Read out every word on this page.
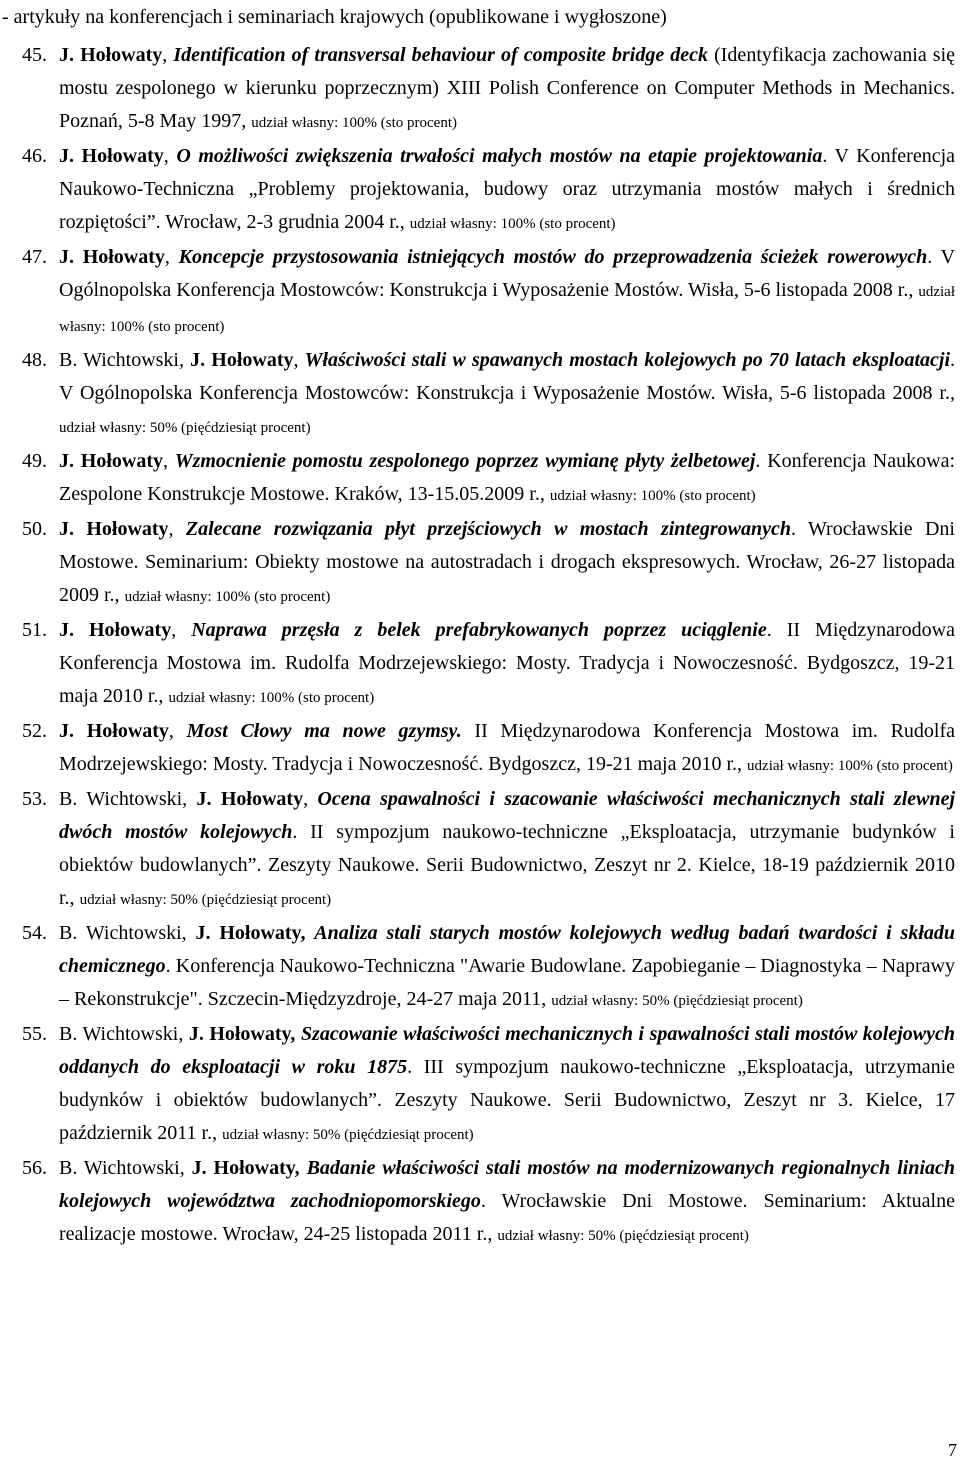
- artykuły na konferencjach i seminariach krajowych (opublikowane i wygłoszone)
45. J. Hołowaty, Identification of transversal behaviour of composite bridge deck (Identyfikacja zachowania się mostu zespolonego w kierunku poprzecznym) XIII Polish Conference on Computer Methods in Mechanics. Poznań, 5-8 May 1997, udział własny: 100% (sto procent)
46. J. Hołowaty, O możliwości zwiększenia trwałości małych mostów na etapie projektowania. V Konferencja Naukowo-Techniczna „Problemy projektowania, budowy oraz utrzymania mostów małych i średnich rozpiętości”. Wrocław, 2-3 grudnia 2004 r., udział własny: 100% (sto procent)
47. J. Hołowaty, Koncepcje przystosowania istniejących mostów do przeprowadzenia ścieżek rowerowych. V Ogólnopolska Konferencja Mostowców: Konstrukcja i Wyposażenie Mostów. Wisła, 5-6 listopada 2008 r., udział własny: 100% (sto procent)
48. B. Wichtowski, J. Hołowaty, Właściwości stali w spawanych mostach kolejowych po 70 latach eksploatacji. V Ogólnopolska Konferencja Mostowców: Konstrukcja i Wyposażenie Mostów. Wisła, 5-6 listopada 2008 r., udział własny: 50% (pięćdziesiąt procent)
49. J. Hołowaty, Wzmocnienie pomostu zespolonego poprzez wymianę płyty żelbetowej. Konferencja Naukowa: Zespolone Konstrukcje Mostowe. Kraków, 13-15.05.2009 r., udział własny: 100% (sto procent)
50. J. Hołowaty, Zalecane rozwiązania płyt przejściowych w mostach zintegrowanych. Wrocławskie Dni Mostowe. Seminarium: Obiekty mostowe na autostradach i drogach ekspresowych. Wrocław, 26-27 listopada 2009 r., udział własny: 100% (sto procent)
51. J. Hołowaty, Naprawa przęsła z belek prefabrykowanych poprzez uciąglenie. II Międzynarodowa Konferencja Mostowa im. Rudolfa Modrzejewskiego: Mosty. Tradycja i Nowoczesność. Bydgoszcz, 19-21 maja 2010 r., udział własny: 100% (sto procent)
52. J. Hołowaty, Most Cłowy ma nowe gzymsy. II Międzynarodowa Konferencja Mostowa im. Rudolfa Modrzejewskiego: Mosty. Tradycja i Nowoczesność. Bydgoszcz, 19-21 maja 2010 r., udział własny: 100% (sto procent)
53. B. Wichtowski, J. Hołowaty, Ocena spawalności i szacowanie właściwości mechanicznych stali zlewnej dwóch mostów kolejowych. II sympozjum naukowo-techniczne „Eksploatacja, utrzymanie budynków i obiektów budowlanych”. Zeszyty Naukowe. Serii Budownictwo, Zeszyt nr 2. Kielce, 18-19 październik 2010 r., udział własny: 50% (pięćdziesiąt procent)
54. B. Wichtowski, J. Hołowaty, Analiza stali starych mostów kolejowych według badań twardości i składu chemicznego. Konferencja Naukowo-Techniczna "Awarie Budowlane. Zapobieganie – Diagnostyka – Naprawy – Rekonstrukcje". Szczecin-Międzyzdroje, 24-27 maja 2011, udział własny: 50% (pięćdziesiąt procent)
55. B. Wichtowski, J. Hołowaty, Szacowanie właściwości mechanicznych i spawalności stali mostów kolejowych oddanych do eksploatacji w roku 1875. III sympozjum naukowo-techniczne „Eksploatacja, utrzymanie budynków i obiektów budowlanych”. Zeszyty Naukowe. Serii Budownictwo, Zeszyt nr 3. Kielce, 17 październik 2011 r., udział własny: 50% (pięćdziesiąt procent)
56. B. Wichtowski, J. Hołowaty, Badanie właściwości stali mostów na modernizowanych regionalnych liniach kolejowych województwa zachodniopomorskiego. Wrocławskie Dni Mostowe. Seminarium: Aktualne realizacje mostowe. Wrocław, 24-25 listopada 2011 r., udział własny: 50% (pięćdziesiąt procent)
7
